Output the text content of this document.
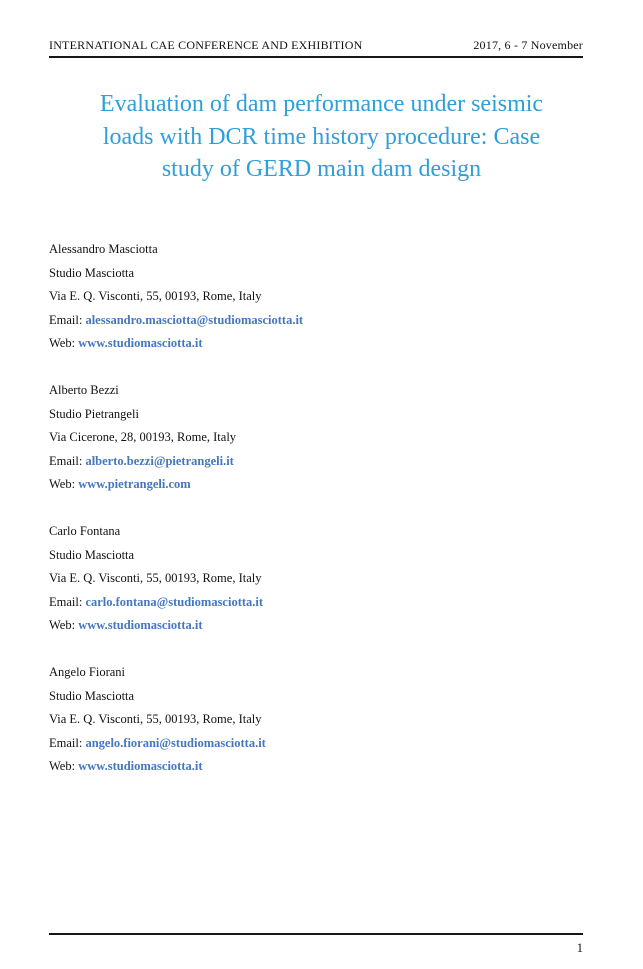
INTERNATIONAL CAE CONFERENCE AND EXHIBITION	2017, 6 - 7 November
Evaluation of dam performance under seismic
loads with DCR time history procedure: Case
study of GERD main dam design
Alessandro Masciotta
Studio Masciotta
Via E. Q. Visconti, 55, 00193, Rome, Italy
Email: alessandro.masciotta@studiomasciotta.it
Web: www.studiomasciotta.it
Alberto Bezzi
Studio Pietrangeli
Via Cicerone, 28, 00193, Rome, Italy
Email: alberto.bezzi@pietrangeli.it
Web: www.pietrangeli.com
Carlo Fontana
Studio Masciotta
Via E. Q. Visconti, 55, 00193, Rome, Italy
Email: carlo.fontana@studiomasciotta.it
Web: www.studiomasciotta.it
Angelo Fiorani
Studio Masciotta
Via E. Q. Visconti, 55, 00193, Rome, Italy
Email: angelo.fiorani@studiomasciotta.it
Web: www.studiomasciotta.it
1
